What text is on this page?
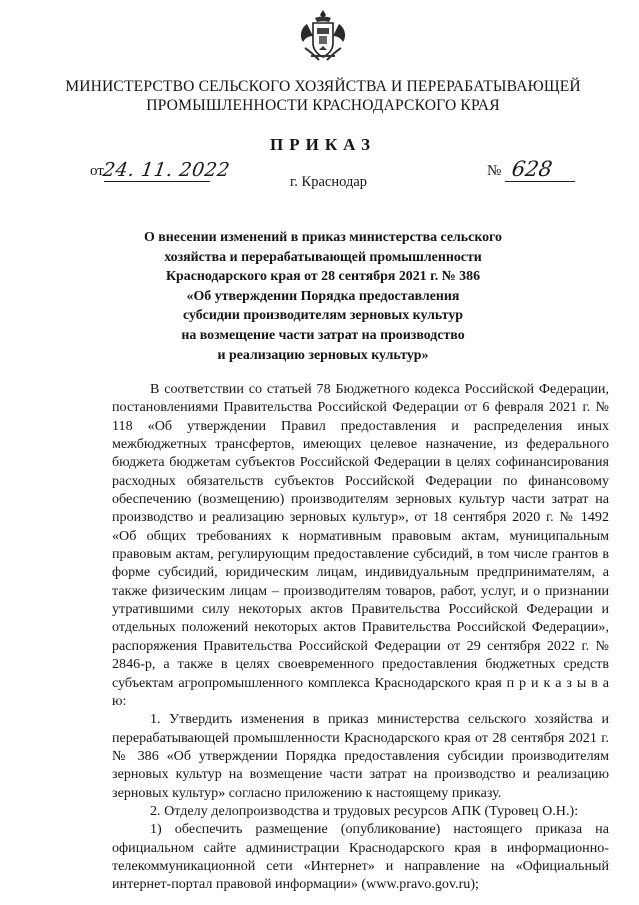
МИНИСТЕРСТВО СЕЛЬСКОГО ХОЗЯЙСТВА И ПЕРЕРАБАТЫВАЮЩЕЙ
ПРОМЫШЛЕННОСТИ КРАСНОДАРСКОГО КРАЯ
ПРИКАЗ
от
24. 11. 2022
г. Краснодар
№ 628
О внесении изменений в приказ министерства сельского
хозяйства и перерабатывающей промышленности
Краснодарского края от 28 сентября 2021 г. № 386
«Об утверждении Порядка предоставления
субсидии производителям зерновых культур
на возмещение части затрат на производство
и реализацию зерновых культур»

В соответствии со статьей 78 Бюджетного кодекса Российской Федерации, постановлениями Правительства Российской Федерации от 6 февраля 2021 г. № 118 «Об утверждении Правил предоставления и распределения иных межбюджетных трансфертов, имеющих целевое назначение, из федерального бюджета бюджетам субъектов Российской Федерации в целях софинансирования расходных обязательств субъектов Российской Федерации по финансовому обеспечению (возмещению) производителям зерновых культур части затрат на производство и реализацию зерновых культур», от 18 сентября 2020 г. № 1492 «Об общих требованиях к нормативным правовым актам, муниципальным правовым актам, регулирующим предоставление субсидий, в том числе грантов в форме субсидий, юридическим лицам, индивидуальным предпринимателям, а также физическим лицам – производителям товаров, работ, услуг, и о признании утратившими силу некоторых актов Правительства Российской Федерации и отдельных положений некоторых актов Правительства Российской Федерации», распоряжения Правительства Российской Федерации от 29 сентября 2022 г. № 2846-р, а также в целях своевременного предоставления бюджетных средств субъектам агропромышленного комплекса Краснодарского края п р и к а з ы в а ю:

1. Утвердить изменения в приказ министерства сельского хозяйства и перерабатывающей промышленности Краснодарского края от 28 сентября 2021 г. № 386 «Об утверждении Порядка предоставления субсидии производителям зерновых культур на возмещение части затрат на производство и реализацию зерновых культур» согласно приложению к настоящему приказу.

2. Отделу делопроизводства и трудовых ресурсов АПК (Туровец О.Н.):

1) обеспечить размещение (опубликование) настоящего приказа на официальном сайте администрации Краснодарского края в информационно-телекоммуникационной сети «Интернет» и направление на «Официальный интернет-портал правовой информации» (www.pravo.gov.ru);
